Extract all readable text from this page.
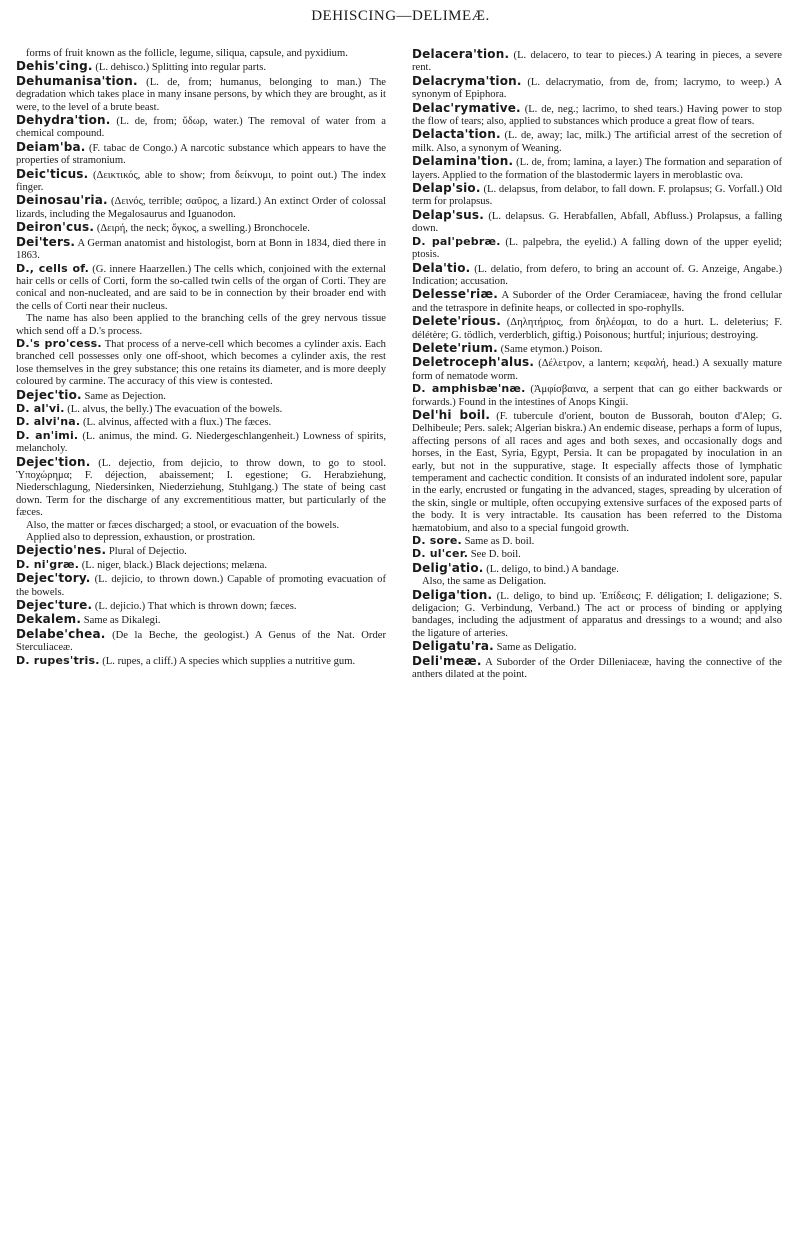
DEHISCING—DELIMEÆ.

forms of fruit known as the follicle, legume, siliqua, capsule, and pyxidium.

Dehis'cing. (L. dehisco.) Splitting into regular parts.

Dehumanisa'tion. (L. de, from; humanus, belonging to man.) The degradation which takes place in many insane persons, by which they are brought, as it were, to the level of a brute beast.

Dehydra'tion. (L. de, from; ὕδωρ, water.) The removal of water from a chemical compound.

Deiam'ba. (F. tabac de Congo.) A narcotic substance which appears to have the properties of stramonium.

Deic'ticus. (Δεικτικός, able to show; from δείκνυμι, to point out.) The index finger.

Deinosau'ria. (Δεινός, terrible; σαῦρος, a lizard.) An extinct Order of colossal lizards, including the Megalosaurus and Iguanodon.

Deiron'cus. (Δειρή, the neck; ὄγκος, a swelling.) Bronchocele.

Dei'ters. A German anatomist and histologist, born at Bonn in 1834, died there in 1863.

D., cells of. (G. innere Haarzellen.) The cells which, conjoined with the external hair cells or cells of Corti, form the so-called twin cells of the organ of Corti. They are conical and non-nucleated, and are said to be in connection by their broader end with the cells of Corti near their nucleus.

The name has also been applied to the branching cells of the grey nervous tissue which send off a D.'s process.

D.'s pro'cess. That process of a nerve-cell which becomes a cylinder axis. Each branched cell possesses only one off-shoot, which becomes a cylinder axis, the rest lose themselves in the grey substance; this one retains its diameter, and is more deeply coloured by carmine. The accuracy of this view is contested.

Dejec'tio. Same as Dejection.

D. al'vi. (L. alvus, the belly.) The evacuation of the bowels.

D. alvi'na. (L. alvinus, affected with a flux.) The fæces.

D. an'imi. (L. animus, the mind. G. Niedergeschlangenheit.) Lowness of spirits, melancholy.

Dejec'tion. (L. dejectio, from dejicio, to throw down, to go to stool. Ὑποχώρημα; F. déjection, abaissement; I. egestione; G. Herabziehung, Niederschlagung, Niedersinken, Niederziehung, Stuhlgang.) The state of being cast down. Term for the discharge of any excrementitious matter, but particularly of the fæces.

Also, the matter or fæces discharged; a stool, or evacuation of the bowels.

Applied also to depression, exhaustion, or prostration.

Dejectio'nes. Plural of Dejectio.

D. ni'græ. (L. niger, black.) Black dejections; melæna.

Dejec'tory. (L. dejicio, to thrown down.) Capable of promoting evacuation of the bowels.

Dejec'ture. (L. dejicio.) That which is thrown down; fæces.

Dekalem. Same as Dikalegi.

Delabe'chea. (De la Beche, the geologist.) A Genus of the Nat. Order Sterculiaceæ.

D. rupes'tris. (L. rupes, a cliff.) A species which supplies a nutritive gum.

Delacera'tion. (L. delacero, to tear to pieces.) A tearing in pieces, a severe rent.

Delacryma'tion. (L. delacrymatio, from de, from; lacrymo, to weep.) A synonym of Epiphora.

Delac'rymative. (L. de, neg.; lacrimo, to shed tears.) Having power to stop the flow of tears; also, applied to substances which produce a great flow of tears.

Delacta'tion. (L. de, away; lac, milk.) The artificial arrest of the secretion of milk. Also, a synonym of Weaning.

Delamina'tion. (L. de, from; lamina, a layer.) The formation and separation of layers. Applied to the formation of the blastodermic layers in meroblastic ova.

Delap'sio. (L. delapsus, from delabor, to fall down. F. prolapsus; G. Vorfall.) Old term for prolapsus.

Delap'sus. (L. delapsus. G. Herabfallen, Abfall, Abfluss.) Prolapsus, a falling down.

D. pal'pebræ. (L. palpebra, the eyelid.) A falling down of the upper eyelid; ptosis.

Dela'tio. (L. delatio, from defero, to bring an account of. G. Anzeige, Angabe.) Indication; accusation.

Delesse'riæ. A Suborder of the Order Ceramiaceæ, having the frond cellular and the tetraspore in definite heaps, or collected in spo-rophylls.

Delete'rious. (Δηλητήριος, from δηλέομαι, to do a hurt. L. deleterius; F. délétère; G. tödlich, verderblich, giftig.) Poisonous; hurtful; injurious; destroying.

Delete'rium. (Same etymon.) Poison.

Deletroceph'alus. (Δέλετρον, a lantern; κεφαλή, head.) A sexually mature form of nematode worm.

D. amphisbæ'næ. (Ἀμφίσβαινα, a serpent that can go either backwards or forwards.) Found in the intestines of Anops Kingii.

Del'hi boil. (F. tubercule d'orient, bouton de Bussorah, bouton d'Alep; G. Delhibeule; Pers. salek; Algerian biskra.) An endemic disease, perhaps a form of lupus, affecting persons of all races and ages and both sexes, and occasionally dogs and horses, in the East, Syria, Egypt, Persia. It can be propagated by inoculation in an early, but not in the suppurative, stage. It especially affects those of lymphatic temperament and cachectic condition. It consists of an indurated indolent sore, papular in the early, encrusted or fungating in the advanced, stages, spreading by ulceration of the skin, single or multiple, often occupying extensive surfaces of the exposed parts of the body. It is very intractable. Its causation has been referred to the Distoma hæmatobium, and also to a special fungoid growth.

D. sore. Same as D. boil.

D. ul'cer. See D. boil.

Delig'atio. (L. deligo, to bind.) A bandage.

Also, the same as Deligation.

Deliga'tion. (L. deligo, to bind up. Ἐπίδεσις; F. déligation; I. deligazione; S. deligacion; G. Verbindung, Verband.) The act or process of binding or applying bandages, including the adjustment of apparatus and dressings to a wound; and also the ligature of arteries.

Deligatu'ra. Same as Deligatio.

Deli'meæ. A Suborder of the Order Dilleniaceæ, having the connective of the anthers dilated at the point.
